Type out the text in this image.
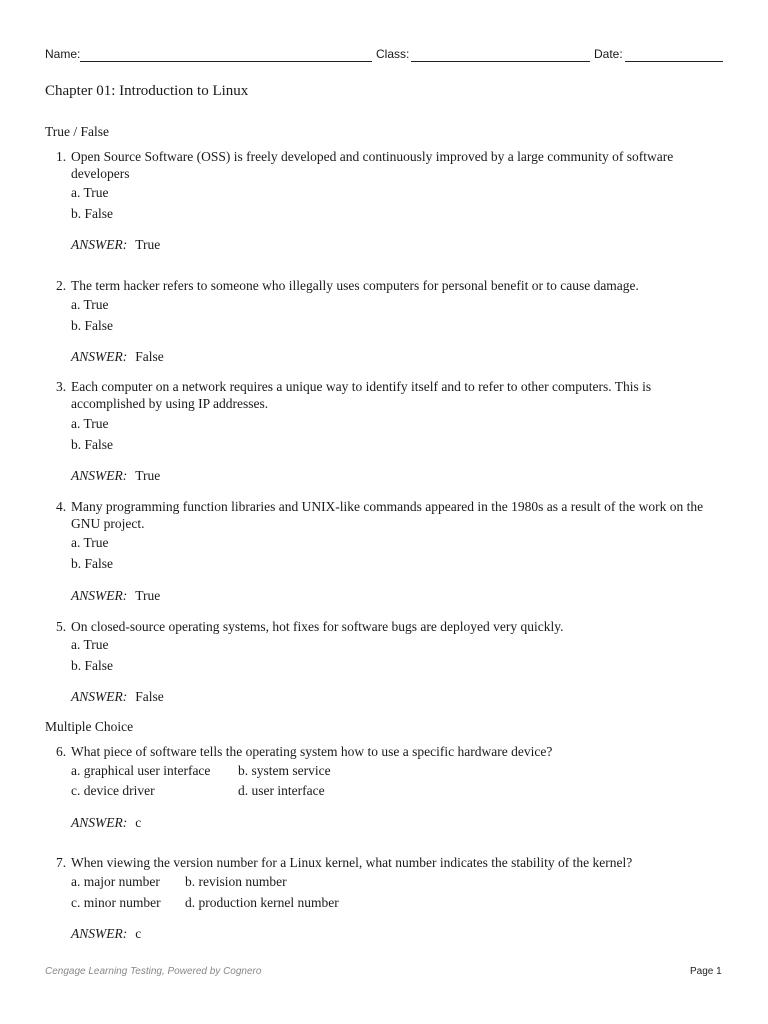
Name:	Class:	Date:
Chapter 01: Introduction to Linux
True / False
1. Open Source Software (OSS) is freely developed and continuously improved by a large community of software developers
a. True
b. False
ANSWER: True
2. The term hacker refers to someone who illegally uses computers for personal benefit or to cause damage.
a. True
b. False
ANSWER: False
3. Each computer on a network requires a unique way to identify itself and to refer to other computers. This is accomplished by using IP addresses.
a. True
b. False
ANSWER: True
4. Many programming function libraries and UNIX-like commands appeared in the 1980s as a result of the work on the GNU project.
a. True
b. False
ANSWER: True
5. On closed-source operating systems, hot fixes for software bugs are deployed very quickly.
a. True
b. False
ANSWER: False
Multiple Choice
6. What piece of software tells the operating system how to use a specific hardware device?
a. graphical user interface b. system service
c. device driver	d. user interface
ANSWER: c
7. When viewing the version number for a Linux kernel, what number indicates the stability of the kernel?
a. major number b. revision number
c. minor number d. production kernel number
ANSWER: c
Cengage Learning Testing, Powered by Cognero	Page 1
